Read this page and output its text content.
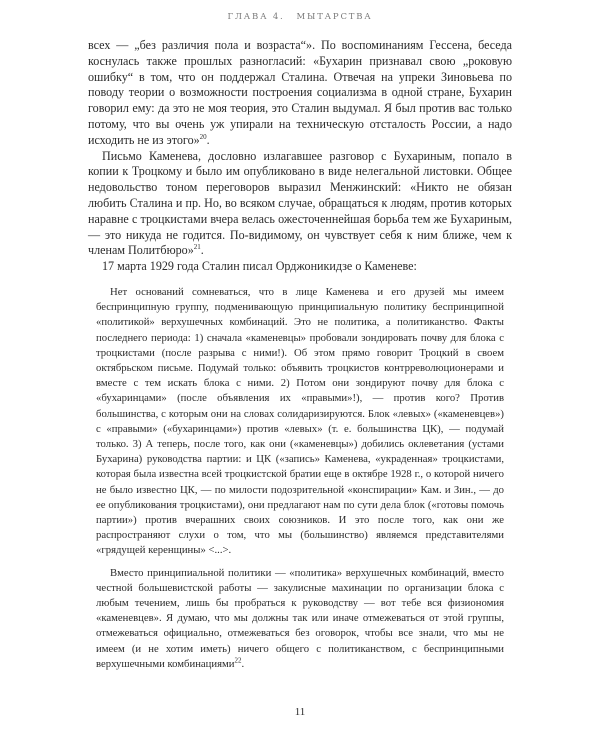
ГЛАВА 4. МЫТАРСТВА

всех — „без различия пола и возраста“». По воспоминаниям Гессена, беседа коснулась также прошлых разногласий: «Бухарин признавал свою „роковую ошибку“ в том, что он поддержал Сталина. Отвечая на упреки Зиновьева по поводу теории о возможности построения социализма в одной стране, Бухарин говорил ему: да это не моя теория, это Сталин выдумал. Я был против вас только потому, что вы очень уж упирали на техническую отсталость России, а надо исходить не из этого»$^{20}$.

Письмо Каменева, дословно излагавшее разговор с Бухариным, попало в копии к Троцкому и было им опубликовано в виде нелегальной листовки. Общее недовольство тоном переговоров выразил Менжинский: «Никто не обязан любить Сталина и пр. Но, во всяком случае, обращаться к людям, против которых наравне с троцкистами вчера велась ожесточеннейшая борьба тем же Бухариным, — это никуда не годится. По-видимому, он чувствует себя к ним ближе, чем к членам Политбюро»$^{21}$.

17 марта 1929 года Сталин писал Орджоникидзе о Каменеве:

Нет оснований сомневаться, что в лице Каменева и его друзей мы имеем беспринципную группу, подменивающую принципиальную политику беспринципной «политикой» верхушечных комбинаций. Это не политика, а политиканство. Факты последнего периода: 1) сначала «каменевцы» пробовали зондировать почву для блока с троцкистами (после разрыва с ними!). Об этом прямо говорит Троцкий в своем октябрьском письме. Подумай только: объявить троцкистов контрреволюционерами и вместе с тем искать блока с ними. 2) Потом они зондируют почву для блока с «бухаринцами» (после объявления их «правыми»!), — против кого? Против большинства, с которым они на словах солидаризируются. Блок «левых» («каменевцев») с «правыми» («бухаринцами») против «левых» (т. е. большинства ЦК), — подумай только. 3) А теперь, после того, как они («каменевцы») добились оклеветания (устами Бухарина) руководства партии: и ЦК («запись» Каменева, «украденная» троцкистами, которая была известна всей троцкистской братии еще в октябре 1928 г., о которой ничего не было известно ЦК, — по милости подозрительной «конспирации» Кам. и Зин., — до ее опубликования троцкистами), они предлагают нам по сути дела блок («готовы помочь партии») против вчерашних своих союзников. И это после того, как они же распространяют слухи о том, что мы (большинство) являемся представителями «грядущей керенщины» <...>.

Вместо принципиальной политики — «политика» верхушечных комбинаций, вместо честной большевистской работы — закулисные махинации по организации блока с любым течением, лишь бы пробраться к руководству — вот тебе вся физиономия «каменевцев». Я думаю, что мы должны так или иначе отмежеваться от этой группы, отмежеваться официально, отмежеваться без оговорок, чтобы все знали, что мы не имеем (и не хотим иметь) ничего общего с политиканством, с беспринципными верхушечными комбинациями$^{22}$.

11
